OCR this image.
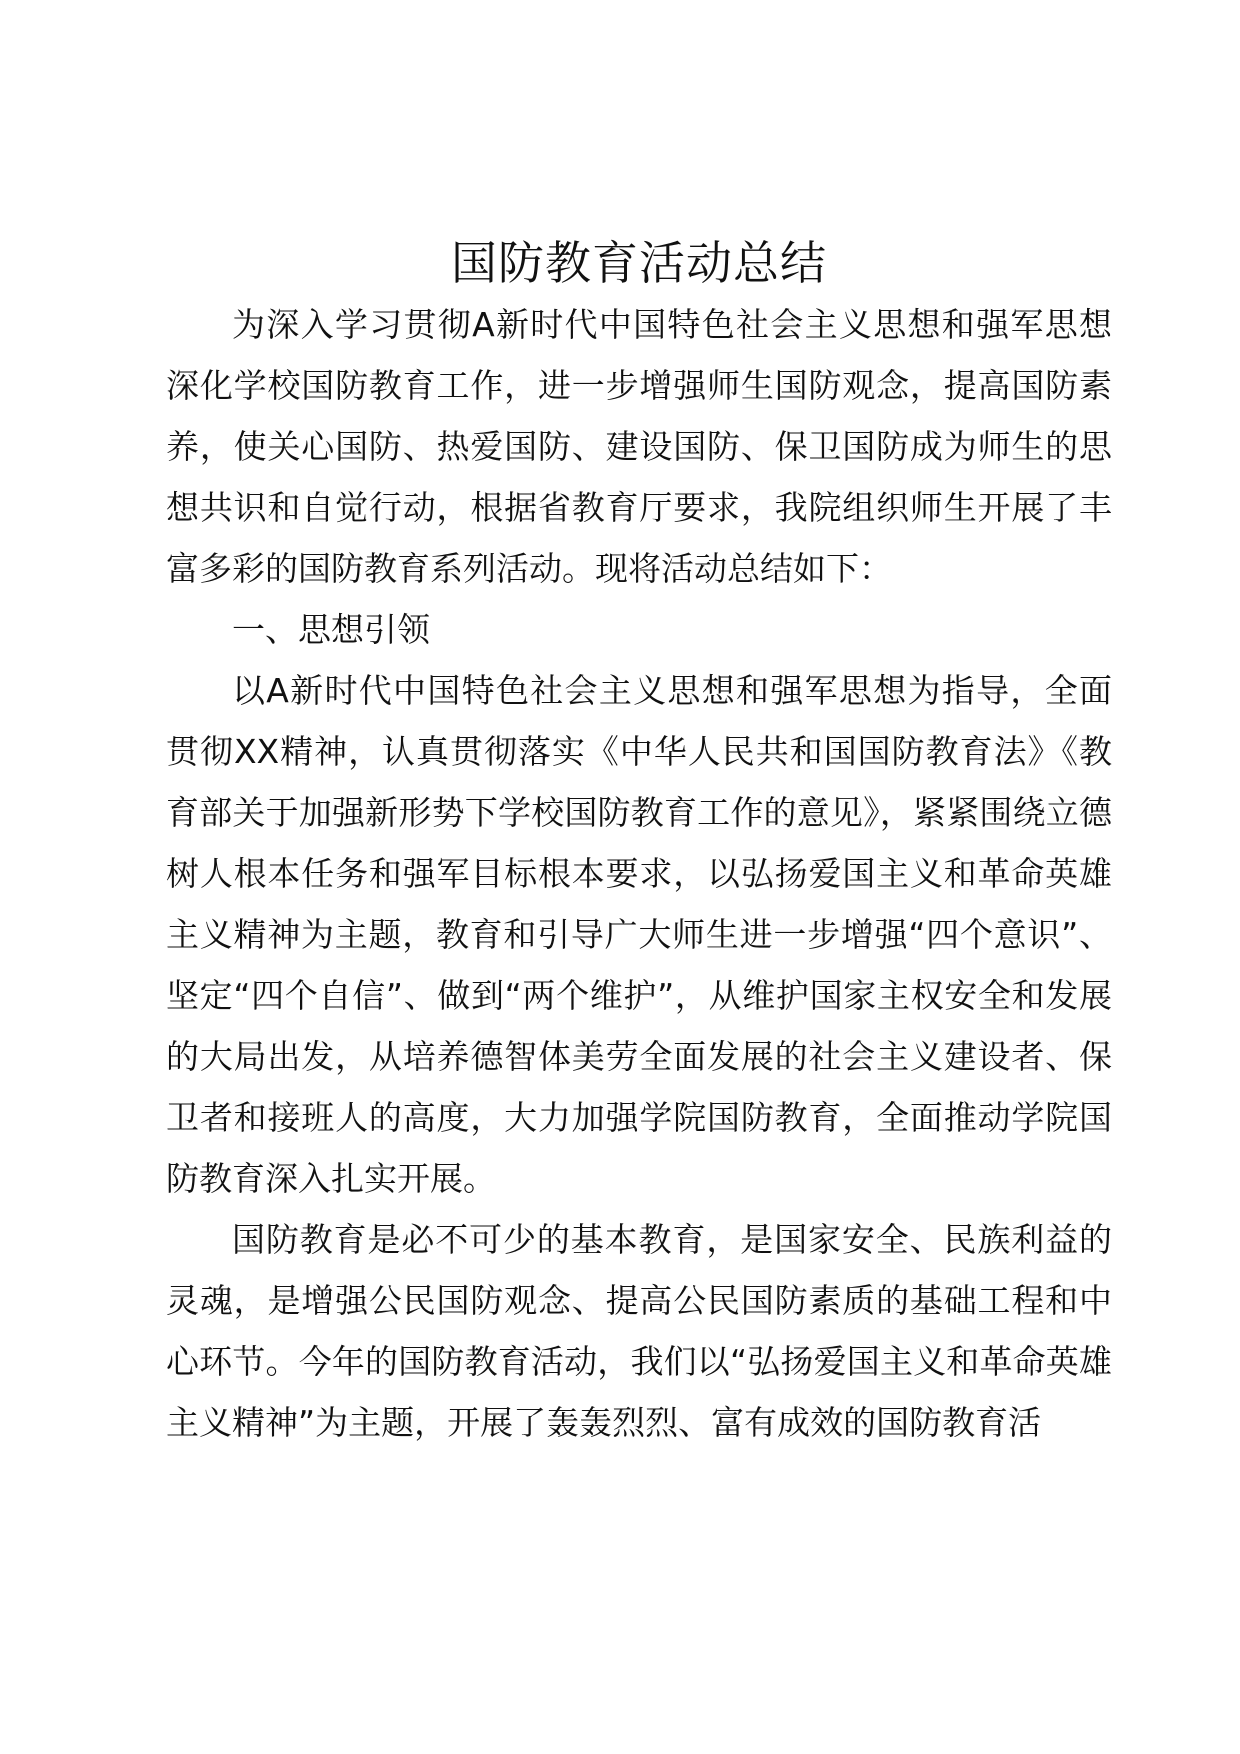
国防教育活动总结

为深入学习贯彻A新时代中国特色社会主义思想和强军思想深化学校国防教育工作，进一步增强师生国防观念，提高国防素养，使关心国防、热爱国防、建设国防、保卫国防成为师生的思想共识和自觉行动，根据省教育厅要求，我院组织师生开展了丰富多彩的国防教育系列活动。现将活动总结如下：

一、思想引领

以A新时代中国特色社会主义思想和强军思想为指导，全面贯彻XX精神，认真贯彻落实《中华人民共和国国防教育法》《教育部关于加强新形势下学校国防教育工作的意见》，紧紧围绕立德树人根本任务和强军目标根本要求，以弘扬爱国主义和革命英雄主义精神为主题，教育和引导广大师生进一步增强“四个意识”、坚定“四个自信”、做到“两个维护”，从维护国家主权安全和发展的大局出发，从培养德智体美劳全面发展的社会主义建设者、保卫者和接班人的高度，大力加强学院国防教育，全面推动学院国防教育深入扎实开展。

国防教育是必不可少的基本教育，是国家安全、民族利益的灵魂，是增强公民国防观念、提高公民国防素质的基础工程和中心环节。今年的国防教育活动，我们以“弘扬爱国主义和革命英雄主义精神”为主题，开展了轰轰烈烈、富有成效的国防教育活
